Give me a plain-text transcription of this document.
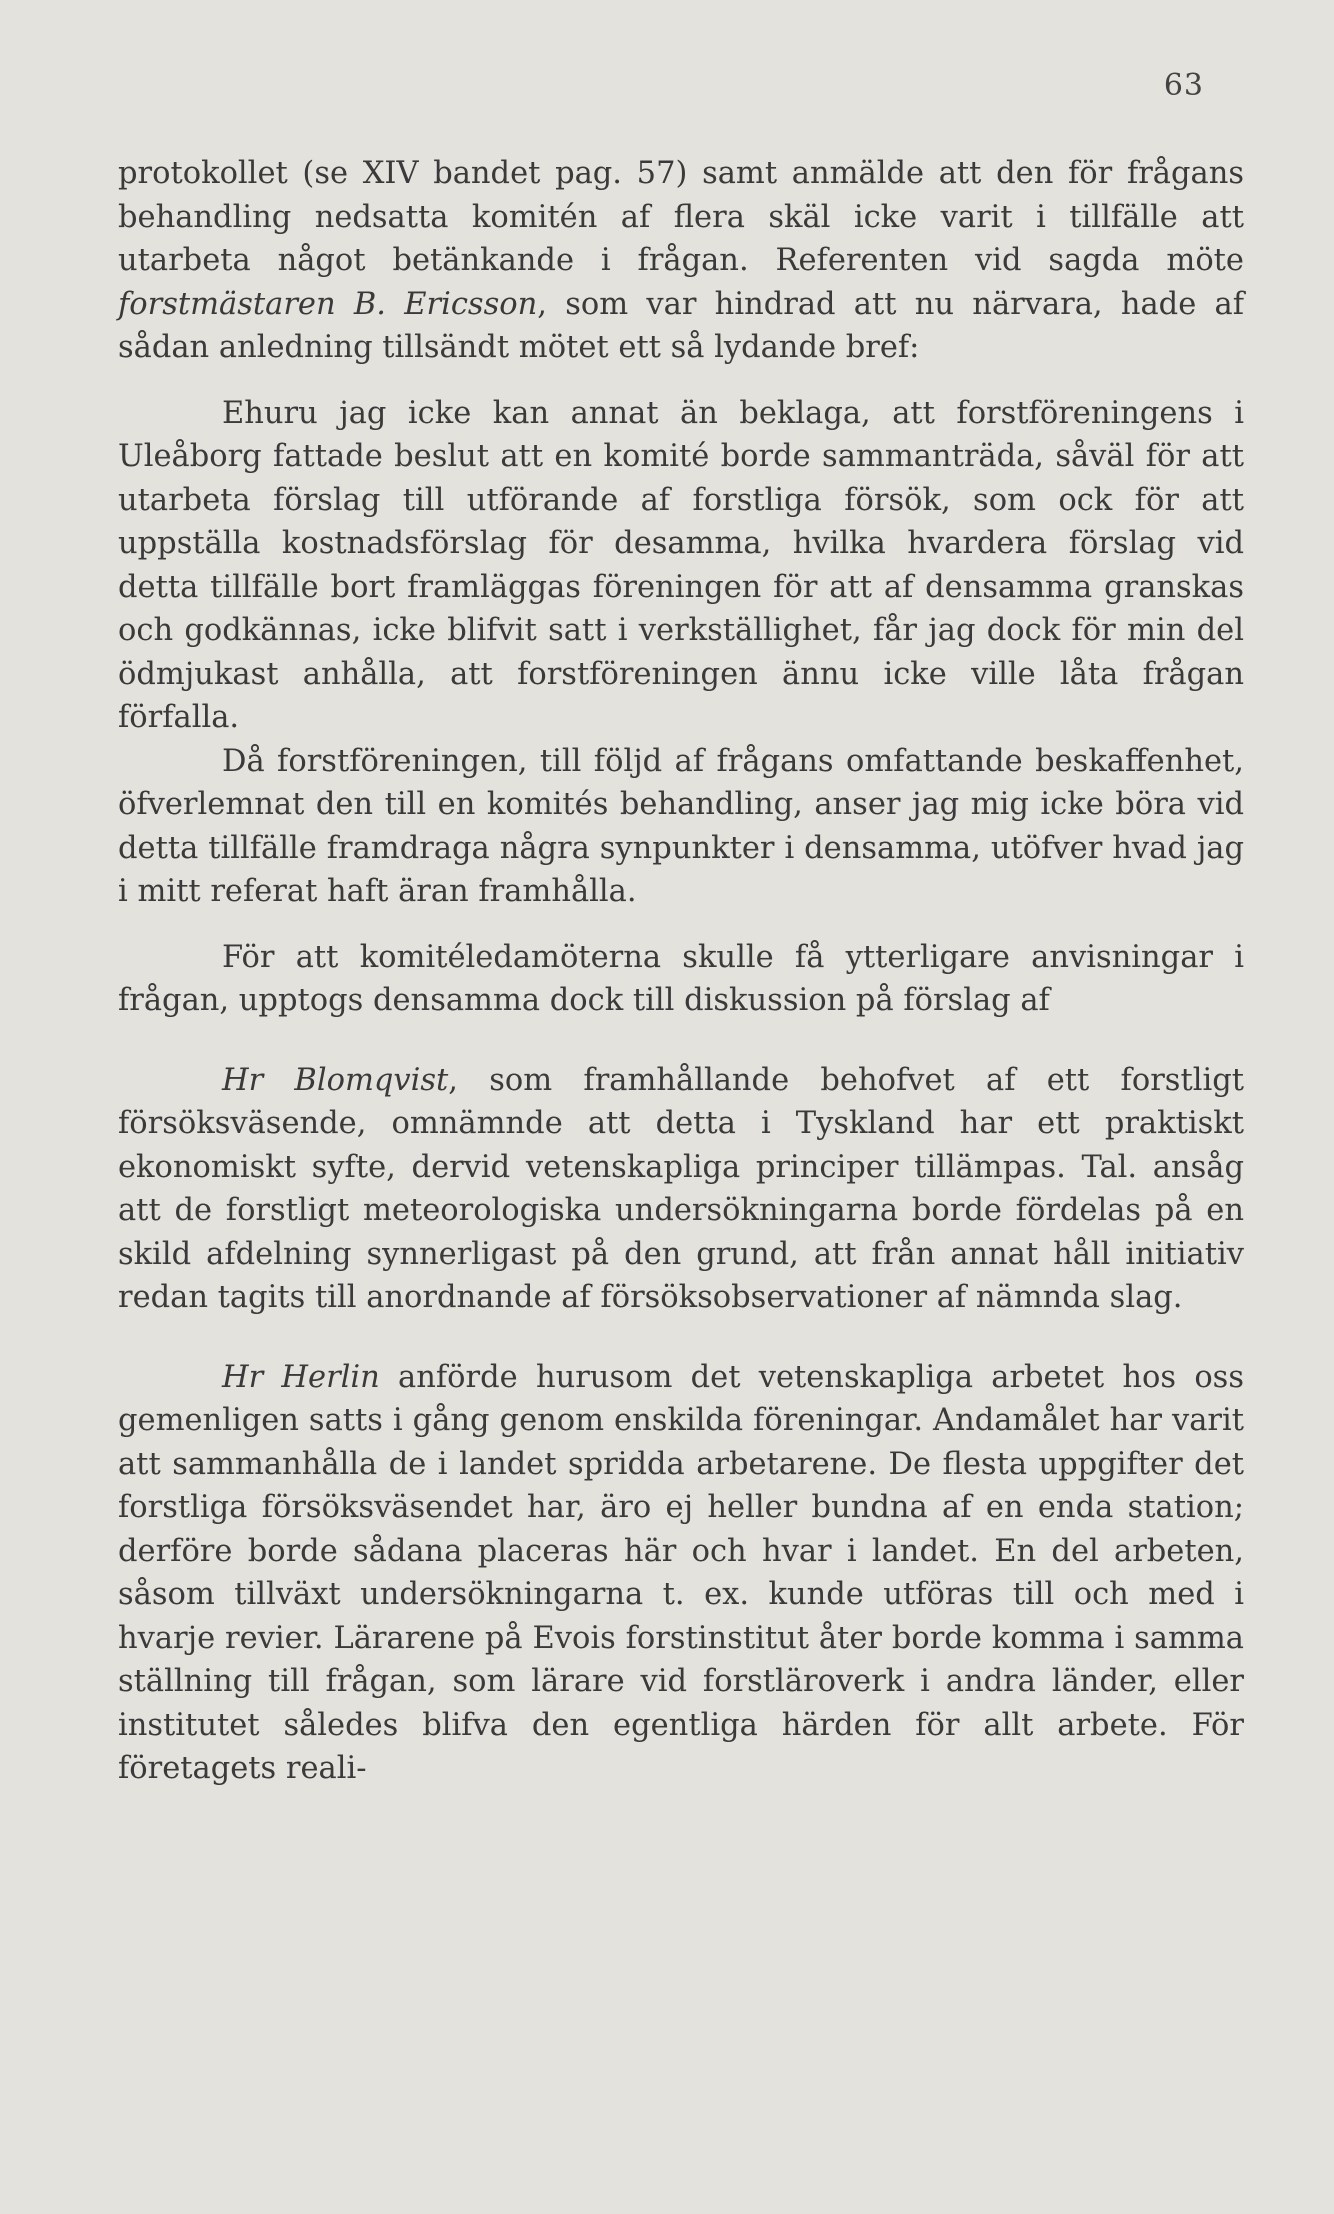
63

protokollet (se XIV bandet pag. 57) samt anmälde att den för frågans behandling nedsatta komitén af flera skäl icke varit i tillfälle att utarbeta något betänkande i frågan. Referenten vid sagda möte forstmästaren B. Ericsson, som var hindrad att nu närvara, hade af sådan anledning tillsändt mötet ett så lydande bref:

Ehuru jag icke kan annat än beklaga, att forstföreningens i Uleåborg fattade beslut att en komité borde sammanträda, såväl för att utarbeta förslag till utförande af forstliga försök, som ock för att uppställa kostnadsförslag för desamma, hvilka hvardera förslag vid detta tillfälle bort framläggas föreningen för att af densamma granskas och godkännas, icke blifvit satt i verkställighet, får jag dock för min del ödmjukast anhålla, att forstföreningen ännu icke ville låta frågan förfalla.

Då forstföreningen, till följd af frågans omfattande beskaffenhet, öfverlemnat den till en komités behandling, anser jag mig icke böra vid detta tillfälle framdraga några synpunkter i densamma, utöfver hvad jag i mitt referat haft äran framhålla.

För att komitéledamöterna skulle få ytterligare anvisningar i frågan, upptogs densamma dock till diskussion på förslag af

Hr Blomqvist, som framhållande behofvet af ett forstligt försöksväsende, omnämnde att detta i Tyskland har ett praktiskt ekonomiskt syfte, dervid vetenskapliga principer tillämpas. Tal. ansåg att de forstligt meteorologiska undersökningarna borde fördelas på en skild afdelning synnerligast på den grund, att från annat håll initiativ redan tagits till anordnande af försöksobservationer af nämnda slag.

Hr Herlin anförde hurusom det vetenskapliga arbetet hos oss gemenligen satts i gång genom enskilda föreningar. Andamålet har varit att sammanhålla de i landet spridda arbetarene. De flesta uppgifter det forstliga försöksväsendet har, äro ej heller bundna af en enda station; derföre borde sådana placeras här och hvar i landet. En del arbeten, såsom tillväxt undersökningarna t. ex. kunde utföras till och med i hvarje revier. Lärarene på Evois forstinstitut åter borde komma i samma ställning till frågan, som lärare vid forstläroverk i andra länder, eller institutet således blifva den egentliga härden för allt arbete. För företagets reali-
